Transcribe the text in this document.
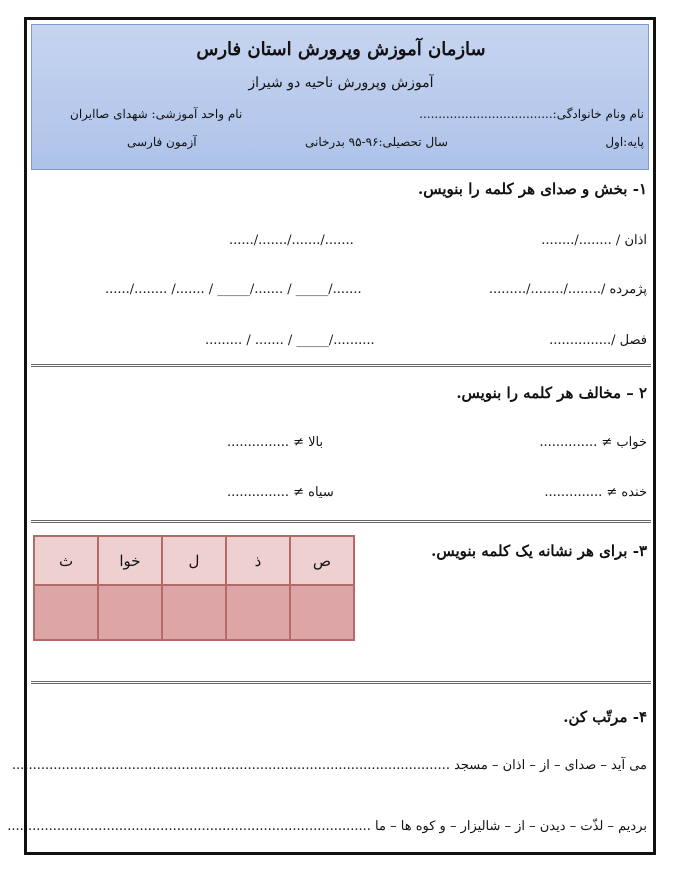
سازمان آموزش وپرورش استان فارس
آموزش وپرورش ناحیه دو شیراز
نام ونام خانوادگی:...................................
نام واحد آموزشی: شهدای صاایران
پایه:اول
سال تحصیلی:۹۶-۹۵ بدرخانی
آزمون فارسی
۱- بخش و صدای هر کلمه را بنویس.
اذان / ......../........
......./......./......./......
پژمرده /......../......../.........
......./_____ / ......./_____ / ......./ ......../......
فصل /...............
........../_____ / ....... / .........
۲ – مخالف هر کلمه را بنویس.
خواب ≠ ..............
بالا ≠ ...............
خنده ≠ ..............
سیاه ≠ ...............
۳- برای هر نشانه یک کلمه بنویس.
ص	ذ	ل	خوا	ث

۴- مرتّب کن.
می آید – صدای – از – اذان – مسجد ..........................................................................................................
بردیم – لذّت – دیدن – از – شالیزار – و کوه ها – ما ........................................................................................
